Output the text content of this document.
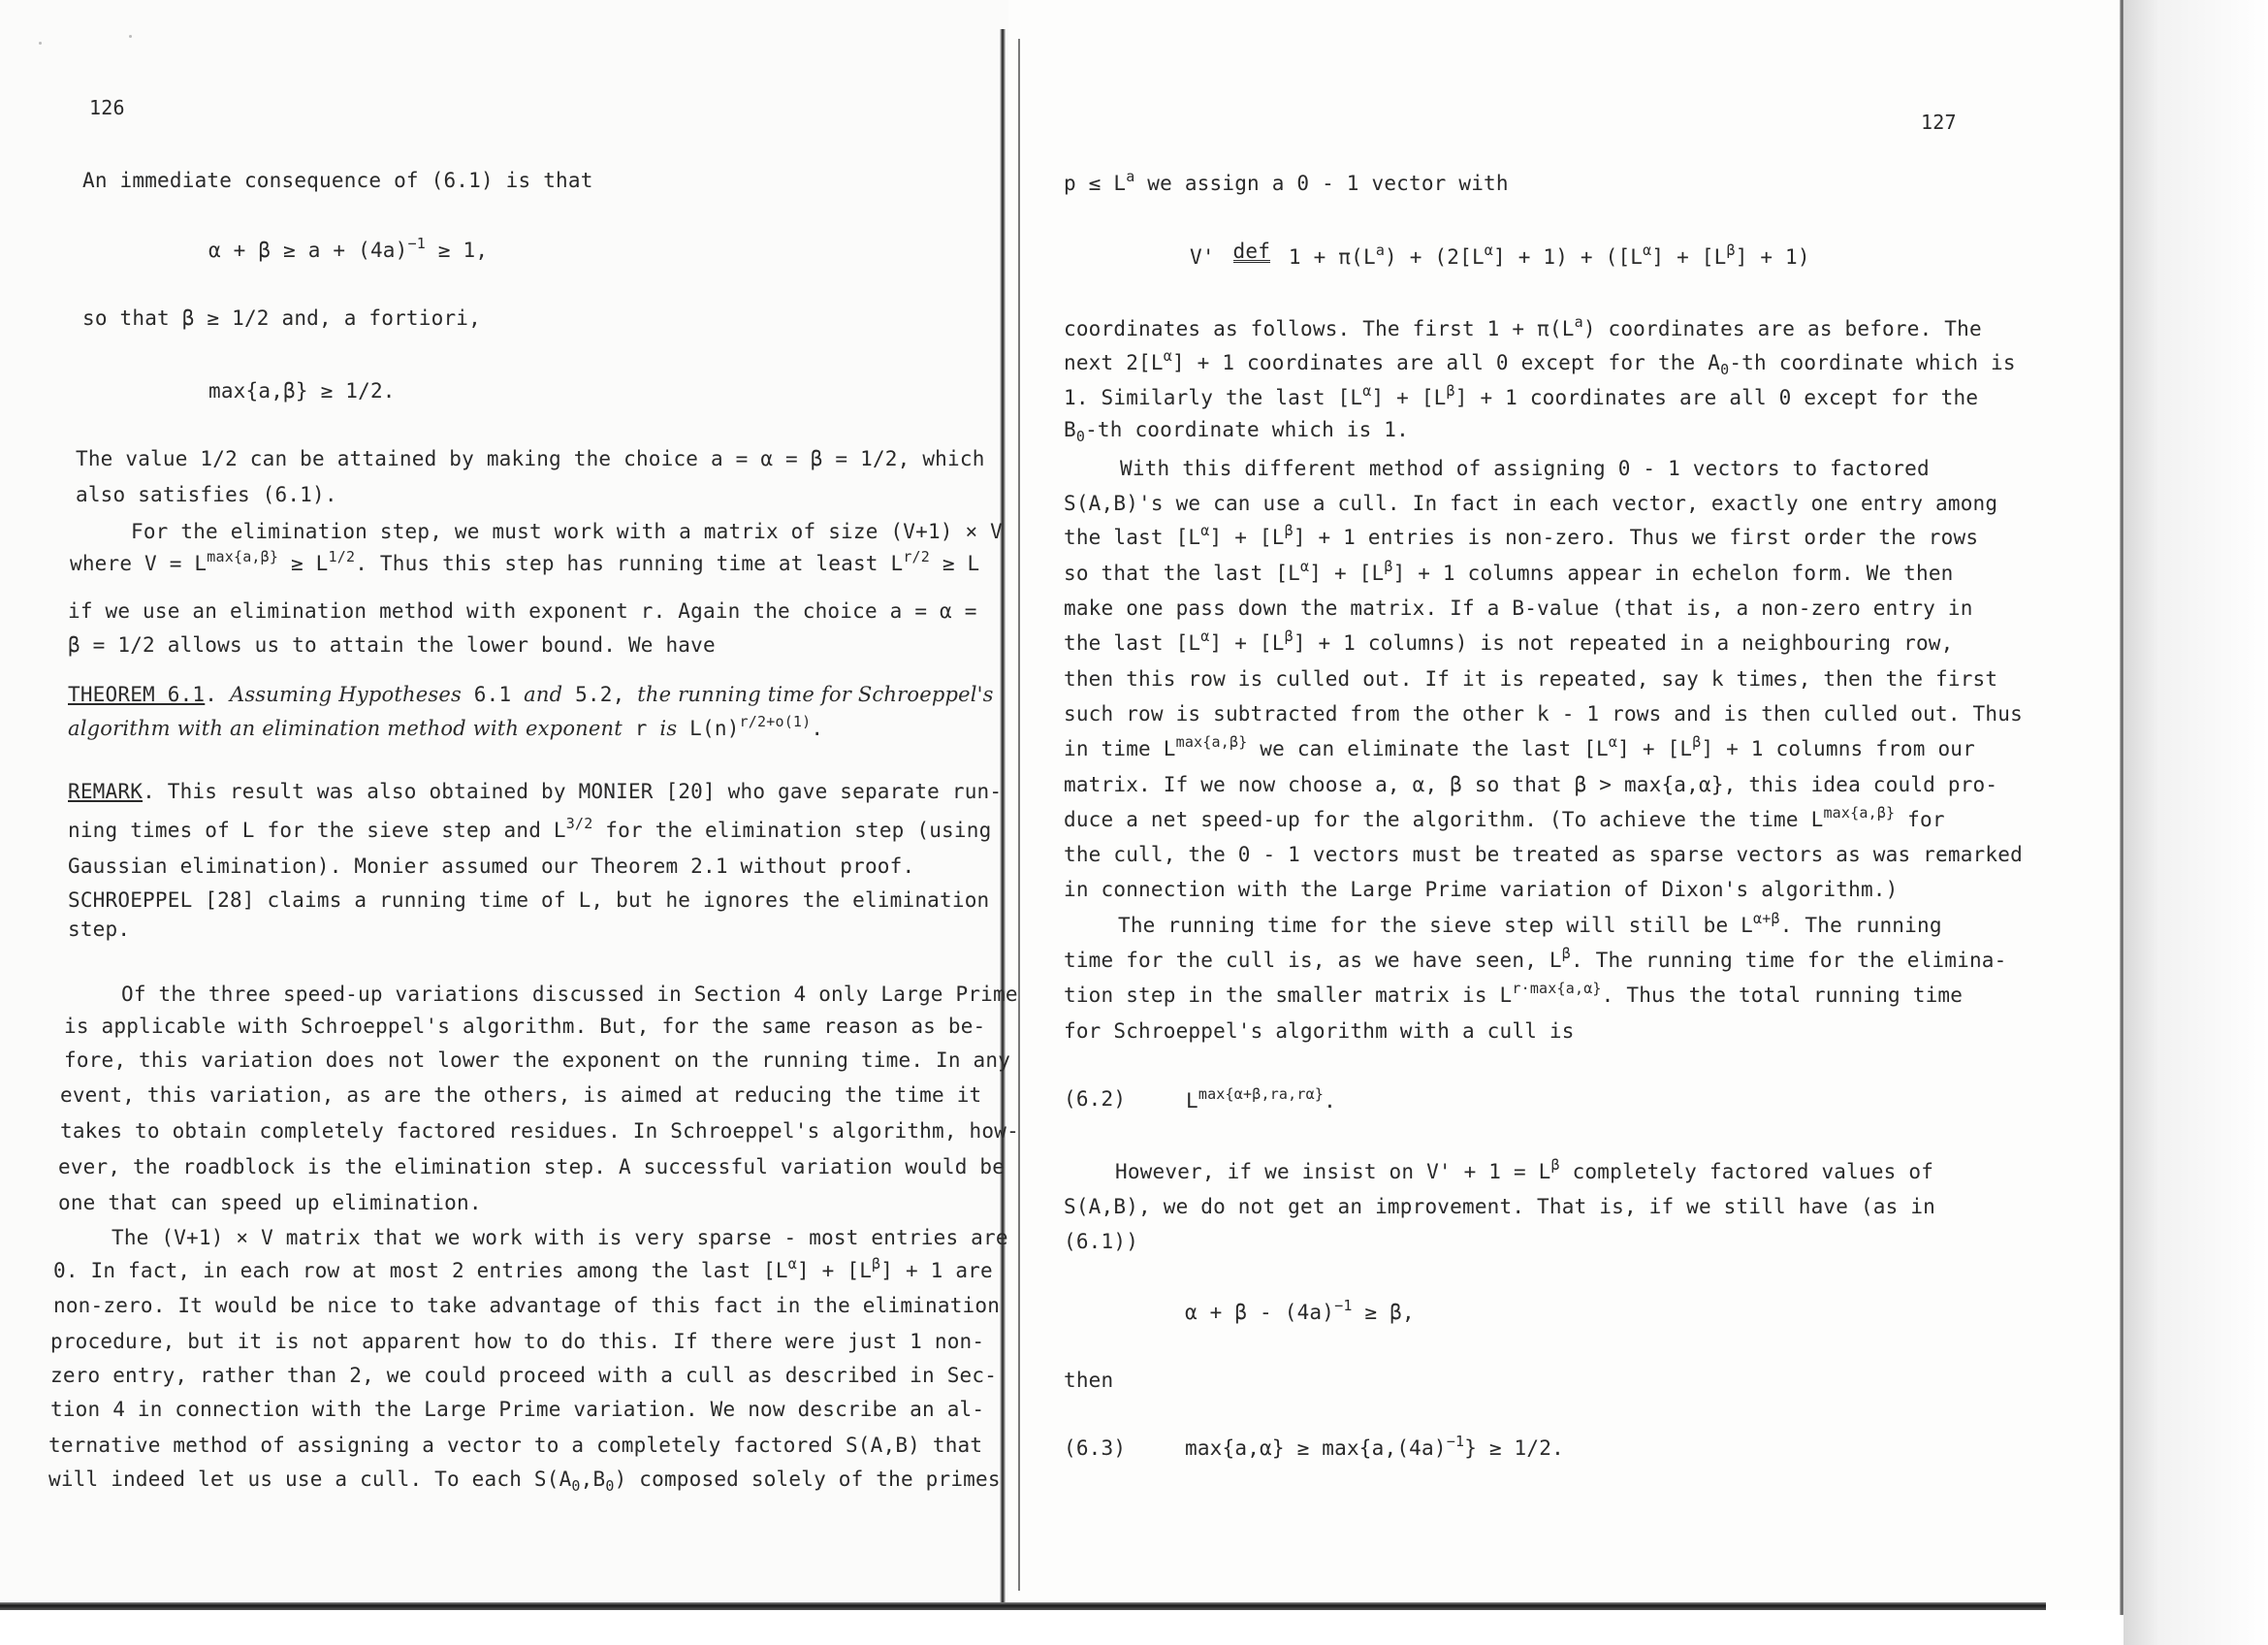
126
An immediate consequence of (6.1) is that
$\alpha + \beta \ge a + (4a)^{-1} \ge 1$,
so that β ≥ 1/2 and, a fortiori,
max{a,β} ≥ 1/2.
The value 1/2 can be attained by making the choice a = α = β = 1/2, which
also satisfies (6.1).
For the elimination step, we must work with a matrix of size (V+1) × V
where $V = L^{max\{a,\beta\}} \ge L^{1/2}$. Thus this step has running time at least $L^{r/2} \ge L$
if we use an elimination method with exponent r. Again the choice a = α =
β = 1/2 allows us to attain the lower bound. We have
THEOREM 6.1. Assuming Hypotheses 6.1 and 5.2, the running time for Schroeppel's
algorithm with an elimination method with exponent r is $L(n)^{r/2+o(1)}$.
REMARK. This result was also obtained by MONIER [20] who gave separate run-
ning times of L for the sieve step and $L^{3/2}$ for the elimination step (using
Gaussian elimination). Monier assumed our Theorem 2.1 without proof.
SCHROEPPEL [28] claims a running time of L, but he ignores the elimination
step.
Of the three speed-up variations discussed in Section 4 only Large Prime
is applicable with Schroeppel's algorithm. But, for the same reason as be-
fore, this variation does not lower the exponent on the running time. In any
event, this variation, as are the others, is aimed at reducing the time it
takes to obtain completely factored residues. In Schroeppel's algorithm, how-
ever, the roadblock is the elimination step. A successful variation would be
one that can speed up elimination.
The (V+1) × V matrix that we work with is very sparse - most entries are
0. In fact, in each row at most 2 entries among the last $[L^\alpha] + [L^\beta] + 1$ are
non-zero. It would be nice to take advantage of this fact in the elimination
procedure, but it is not apparent how to do this. If there were just 1 non-
zero entry, rather than 2, we could proceed with a cull as described in Sec-
tion 4 in connection with the Large Prime variation. We now describe an al-
ternative method of assigning a vector to a completely factored S(A,B) that
will indeed let us use a cull. To each $S(A_0,B_0)$ composed solely of the primes
127
$p \le L^a$ we assign a 0 - 1 vector with
V' def $1 + \pi(L^a) + (2[L^\alpha] + 1) + ([L^\alpha] + [L^\beta] + 1)$
coordinates as follows. The first $1 + \pi(L^a)$ coordinates are as before. The
next $2[L^\alpha] + 1$ coordinates are all 0 except for the $A_0-th$ coordinate which is
1. Similarly the last $[L^\alpha] + [L^\beta] + 1$ coordinates are all 0 except for the
$B_0-th$ coordinate which is 1.
With this different method of assigning 0 - 1 vectors to factored
S(A,B)'s we can use a cull. In fact in each vector, exactly one entry among
the last $[L^\alpha] + [L^\beta] + 1$ entries is non-zero. Thus we first order the rows
so that the last $[L^\alpha] + [L^\beta] + 1$ columns appear in echelon form. We then
make one pass down the matrix. If a B-value (that is, a non-zero entry in
the last $[L^\alpha] + [L^\beta] + 1$ columns) is not repeated in a neighbouring row,
then this row is culled out. If it is repeated, say k times, then the first
such row is subtracted from the other k - 1 rows and is then culled out. Thus
in time $L^{max\{a,\beta\}}$ we can eliminate the last $[L^\alpha] + [L^\beta] + 1$ columns from our
matrix. If we now choose a, α, β so that β > max{a,α}, this idea could pro-
duce a net speed-up for the algorithm. (To achieve the time $L^{max\{a,\beta\}}$ for
the cull, the 0 - 1 vectors must be treated as sparse vectors as was remarked
in connection with the Large Prime variation of Dixon's algorithm.)
The running time for the sieve step will still be $L^{\alpha+\beta}$. The running
time for the cull is, as we have seen, $L^\beta$. The running time for the elimina-
tion step in the smaller matrix is $L^{r\cdot max\{a,\alpha\}}$. Thus the total running time
for Schroeppel's algorithm with a cull is
(6.2)	$L^{max\{\alpha+\beta,ra,r\alpha\}}$.
However, if we insist on $V' + 1 = L^\beta$ completely factored values of
S(A,B), we do not get an improvement. That is, if we still have (as in
(6.1))
$\alpha + \beta - (4a)^{-1} \ge \beta$,
then
(6.3)	$\max\{a,\alpha\} \ge \max\{a,(4a)^{-1}\} \ge 1/2$.
